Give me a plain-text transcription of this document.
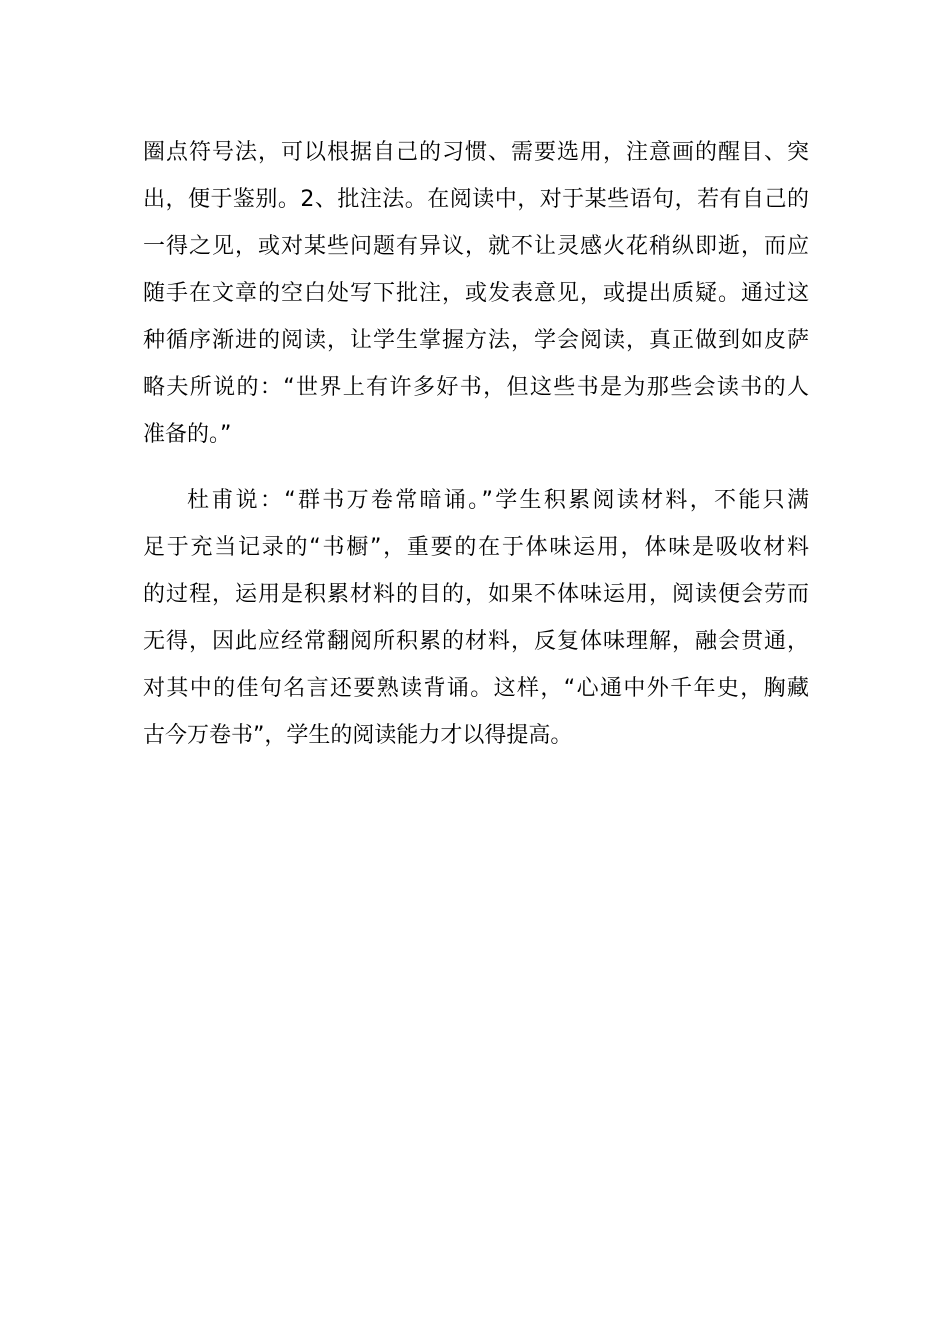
圈点符号法，可以根据自己的习惯、需要选用，注意画的醒目、突
出，便于鉴别。2、批注法。在阅读中，对于某些语句，若有自己的
一得之见，或对某些问题有异议，就不让灵感火花稍纵即逝，而应
随手在文章的空白处写下批注，或发表意见，或提出质疑。通过这
种循序渐进的阅读，让学生掌握方法，学会阅读，真正做到如皮萨
略夫所说的：“世界上有许多好书，但这些书是为那些会读书的人
准备的。”
杜甫说：“群书万卷常暗诵。”学生积累阅读材料，不能只满
足于充当记录的“书橱”，重要的在于体味运用，体味是吸收材料
的过程，运用是积累材料的目的，如果不体味运用，阅读便会劳而
无得，因此应经常翻阅所积累的材料，反复体味理解，融会贯通，
对其中的佳句名言还要熟读背诵。这样，“心通中外千年史，胸藏
古今万卷书”，学生的阅读能力才以得提高。
